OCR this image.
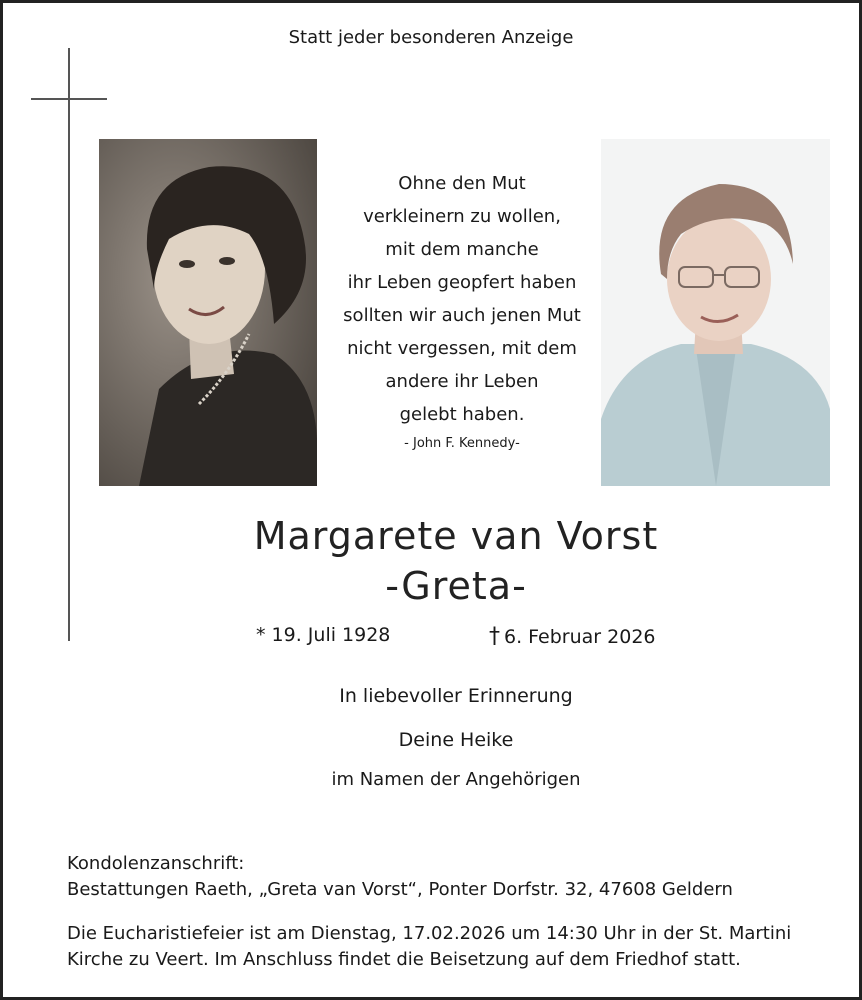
Statt jeder besonderen Anzeige
Ohne den Mut
verkleinern zu wollen,
mit dem manche
ihr Leben geopfert haben
sollten wir auch jenen Mut
nicht vergessen, mit dem
andere ihr Leben
gelebt haben.
- John F. Kennedy-
Margarete van Vorst
-Greta-
* 19. Juli 1928	† 6. Februar 2026
In liebevoller Erinnerung
Deine Heike
im Namen der Angehörigen
Kondolenzanschrift:
Bestattungen Raeth, „Greta van Vorst“, Ponter Dorfstr. 32, 47608 Geldern
Die Eucharistiefeier ist am Dienstag, 17.02.2026 um 14:30 Uhr in der St. Martini Kirche zu Veert. Im Anschluss findet die Beisetzung auf dem Friedhof statt.
